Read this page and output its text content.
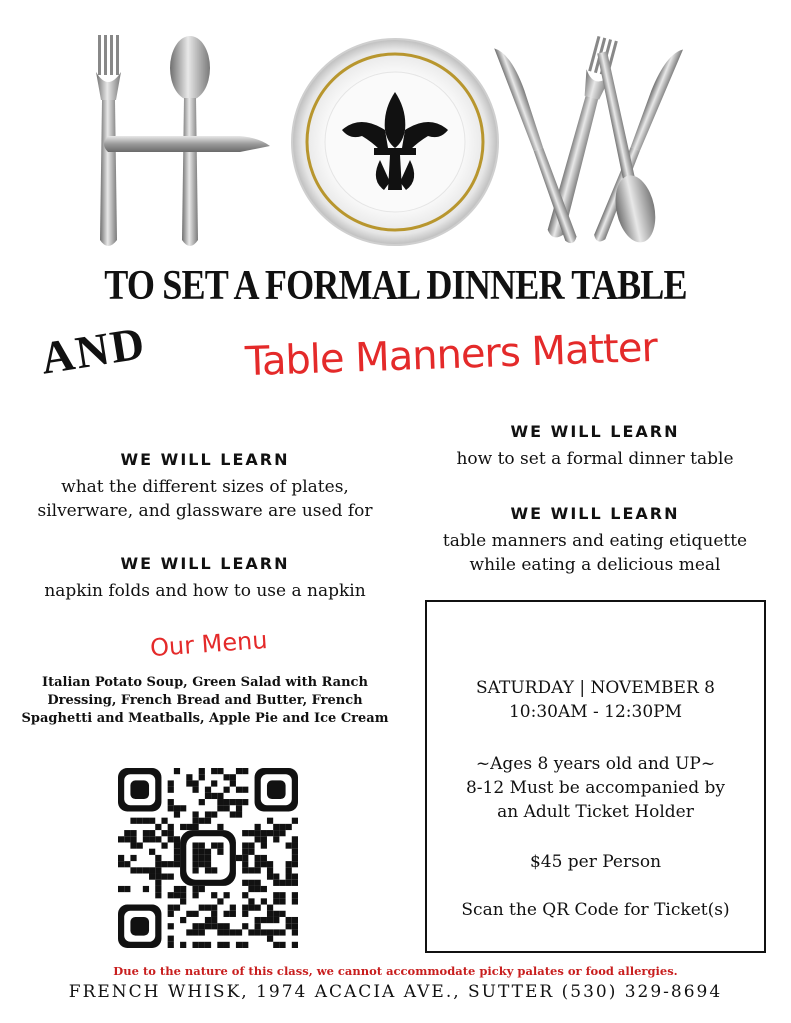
TO SET A FORMAL DINNER TABLE
AND	Table Manners Matter
WE WILL LEARN
what the different sizes of plates, silverware, and glassware are used for
WE WILL LEARN
napkin folds and how to use a napkin
WE WILL LEARN
how to set a formal dinner table
WE WILL LEARN
table manners and eating etiquette while eating a delicious meal
Our Menu
Italian Potato Soup, Green Salad with Ranch Dressing, French Bread and Butter, French Spaghetti and Meatballs, Apple Pie and Ice Cream

SATURDAY | NOVEMBER 8

10:30AM - 12:30PM

~Ages 8 years old and UP~

8-12 Must be accompanied by

an Adult Ticket Holder

$45 per Person

Scan the QR Code for Ticket(s)

Due to the nature of this class, we cannot accommodate picky palates or food allergies.
FRENCH WHISK, 1974 ACACIA AVE., SUTTER (530) 329-8694
